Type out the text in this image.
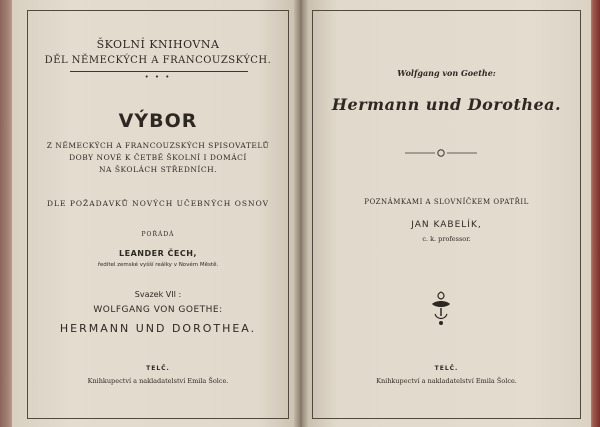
ŠKOLNÍ KNIHOVNA
DĚL NĚMECKÝCH A FRANCOUZSKÝCH.
• • •
VÝBOR
Z NĚMECKÝCH A FRANCOUZSKÝCH SPISOVATELŮ
DOBY NOVÉ K ČETBĚ ŠKOLNÍ I DOMÁCÍ
NA ŠKOLÁCH STŘEDNÍCH.
DLE POŽADAVKŮ NOVÝCH UČEBNÝCH OSNOV
POŘÁDÁ
LEANDER ČECH,
ředitel zemské vyšší reálky v Novém Městě.
Svazek VII :
WOLFGANG VON GOETHE:
HERMANN UND DOROTHEA.
TELČ.
Knihkupectví a nakladatelství Emila Šolce.
Wolfgang von Goethe:
Hermann und Dorothea.
POZNÁMKAMI A SLOVNÍČKEM OPATŘIL
JAN KABELÍK,
c. k. professor.
TELČ.
Knihkupectví a nakladatelství Emila Šolce.
